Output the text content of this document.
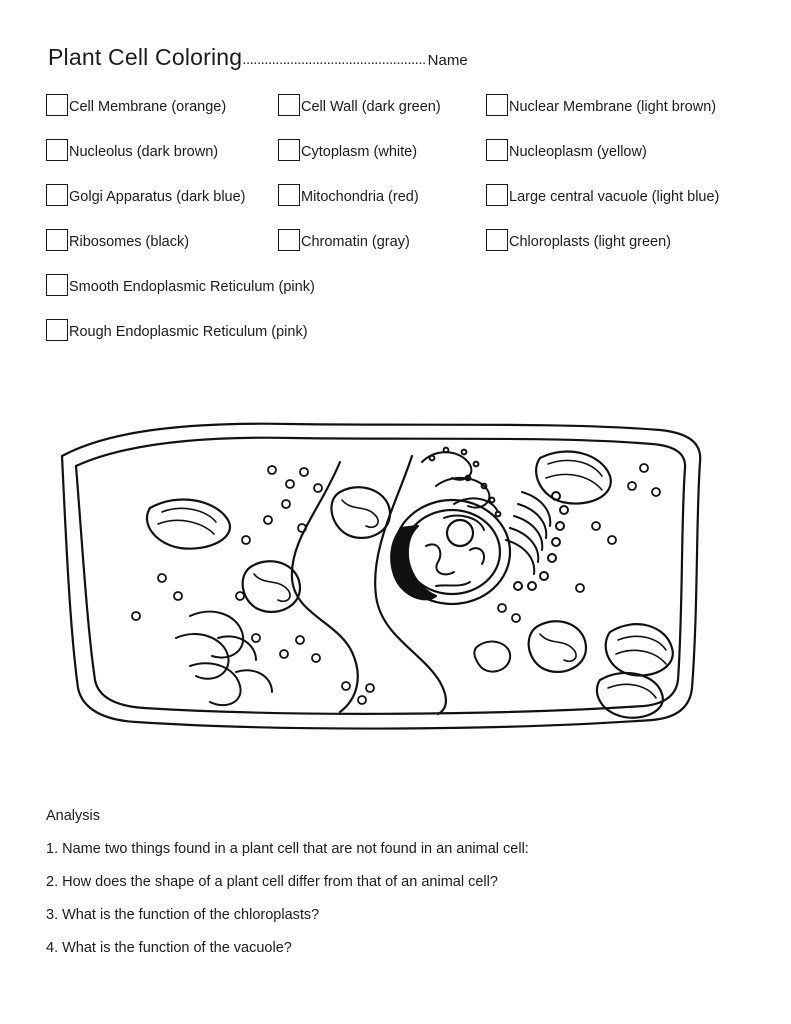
Plant Cell Coloring .................................................. Name
Cell Membrane (orange)	Cell Wall (dark green)	Nuclear Membrane (light brown)
Nucleolus (dark brown)	Cytoplasm (white)	Nucleoplasm (yellow)
Golgi Apparatus (dark blue)	Mitochondria (red)	Large central vacuole (light blue)
Ribosomes (black)	Chromatin (gray)	Chloroplasts (light green)
Smooth Endoplasmic Reticulum (pink)
Rough Endoplasmic Reticulum (pink)
Analysis
1. Name two things found in a plant cell that are not found in an animal cell:
2. How does the shape of a plant cell differ from that of an animal cell?
3. What is the function of the chloroplasts?
4. What is the function of the vacuole?
